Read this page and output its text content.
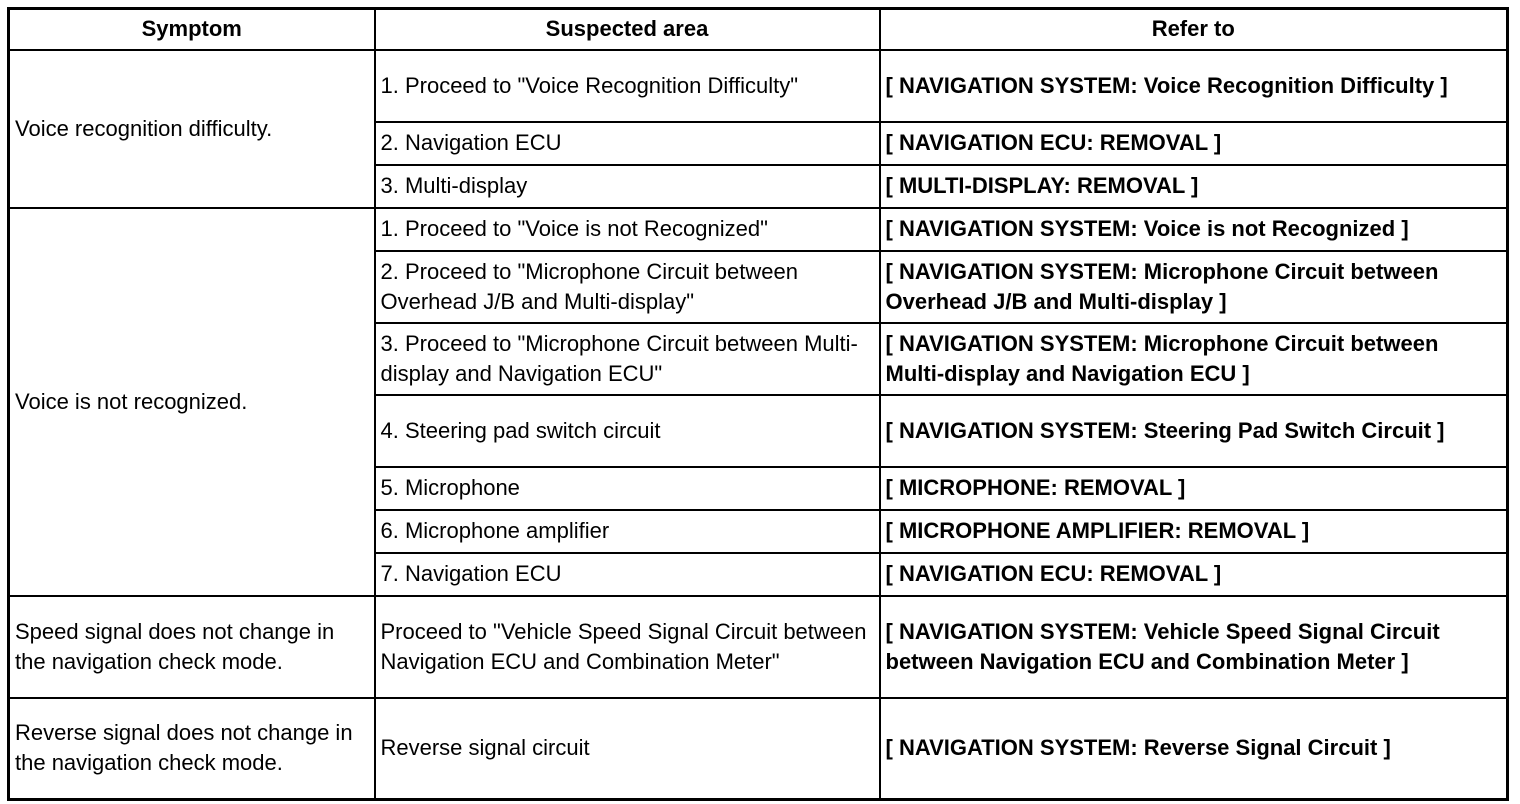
Symptom	Suspected area	Refer to
Voice recognition difficulty.	1. Proceed to "Voice Recognition Difficulty"	[ NAVIGATION SYSTEM: Voice Recognition Difficulty ]
	2. Navigation ECU	[ NAVIGATION ECU: REMOVAL ]
	3. Multi-display	[ MULTI-DISPLAY: REMOVAL ]
Voice is not recognized.	1. Proceed to "Voice is not Recognized"	[ NAVIGATION SYSTEM: Voice is not Recognized ]
	2. Proceed to "Microphone Circuit between Overhead J/B and Multi-display"	[ NAVIGATION SYSTEM: Microphone Circuit between Overhead J/B and Multi-display ]
	3. Proceed to "Microphone Circuit between Multi-display and Navigation ECU"	[ NAVIGATION SYSTEM: Microphone Circuit between Multi-display and Navigation ECU ]
	4. Steering pad switch circuit	[ NAVIGATION SYSTEM: Steering Pad Switch Circuit ]
	5. Microphone	[ MICROPHONE: REMOVAL ]
	6. Microphone amplifier	[ MICROPHONE AMPLIFIER: REMOVAL ]
	7. Navigation ECU	[ NAVIGATION ECU: REMOVAL ]
Speed signal does not change in the navigation check mode.	Proceed to "Vehicle Speed Signal Circuit between Navigation ECU and Combination Meter"	[ NAVIGATION SYSTEM: Vehicle Speed Signal Circuit between Navigation ECU and Combination Meter ]
Reverse signal does not change in the navigation check mode.	Reverse signal circuit	[ NAVIGATION SYSTEM: Reverse Signal Circuit ]
